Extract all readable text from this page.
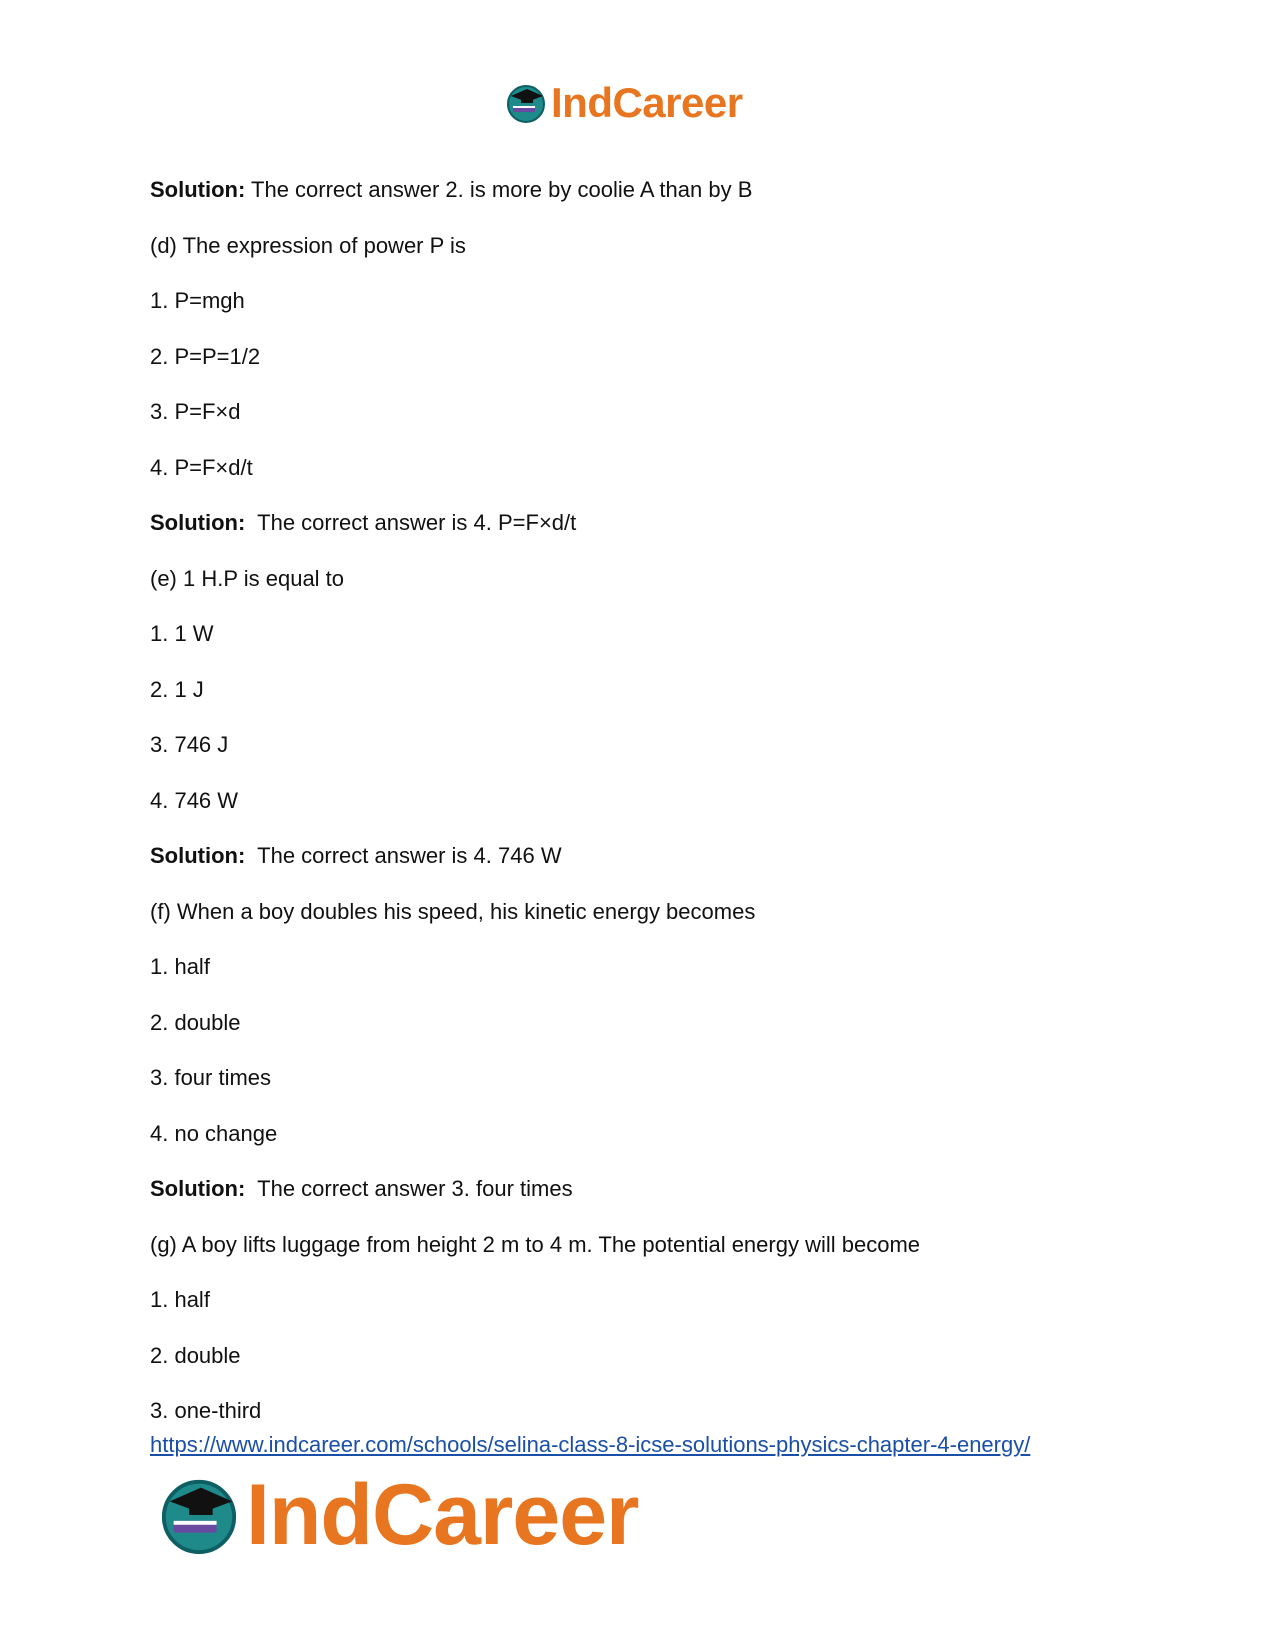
IndCareer
Solution: The correct answer 2. is more by coolie A than by B
(d) The expression of power P is
1. P=mgh
2. P=P=1/2
3. P=F×d
4. P=F×d/t
Solution:  The correct answer is 4. P=F×d/t
(e) 1 H.P is equal to
1. 1 W
2. 1 J
3. 746 J
4. 746 W
Solution:  The correct answer is 4. 746 W
(f) When a boy doubles his speed, his kinetic energy becomes
1. half
2. double
3. four times
4. no change
Solution:  The correct answer 3. four times
(g) A boy lifts luggage from height 2 m to 4 m. The potential energy will become
1. half
2. double
3. one-third
https://www.indcareer.com/schools/selina-class-8-icse-solutions-physics-chapter-4-energy/
IndCareer
